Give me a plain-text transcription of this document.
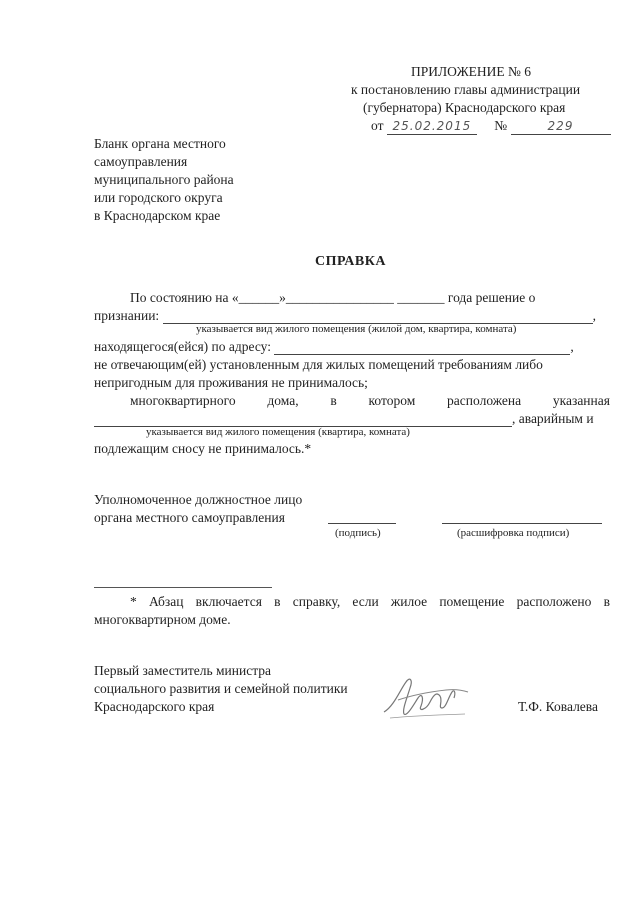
ПРИЛОЖЕНИЕ № 6
к постановлению главы администрации
(губернатора) Краснодарского края
от 25.02.2015 №	229
Бланк органа местного
самоуправления
муниципального района
или городского округа
в Краснодарском крае
СПРАВКА
По состоянию на «______»________________ _______ года решение о
признании:	,
указывается вид жилого помещения (жилой дом, квартира, комната)
находящегося(ейся) по адресу:	,
не отвечающим(ей) установленным для жилых помещений требованиям либо
непригодным для проживания не принималось;
многоквартирного дома, в котором расположена указанная
, аварийным и
указывается вид жилого помещения (квартира, комната)
подлежащим сносу не принималось.*
Уполномоченное должностное лицо
органа местного самоуправления
(подпись)	(расшифровка подписи)
* Абзац включается в справку, если жилое помещение расположено в
многоквартирном доме.
Первый заместитель министра
социального развития и семейной политики
Краснодарского края	Т.Ф. Ковалева
